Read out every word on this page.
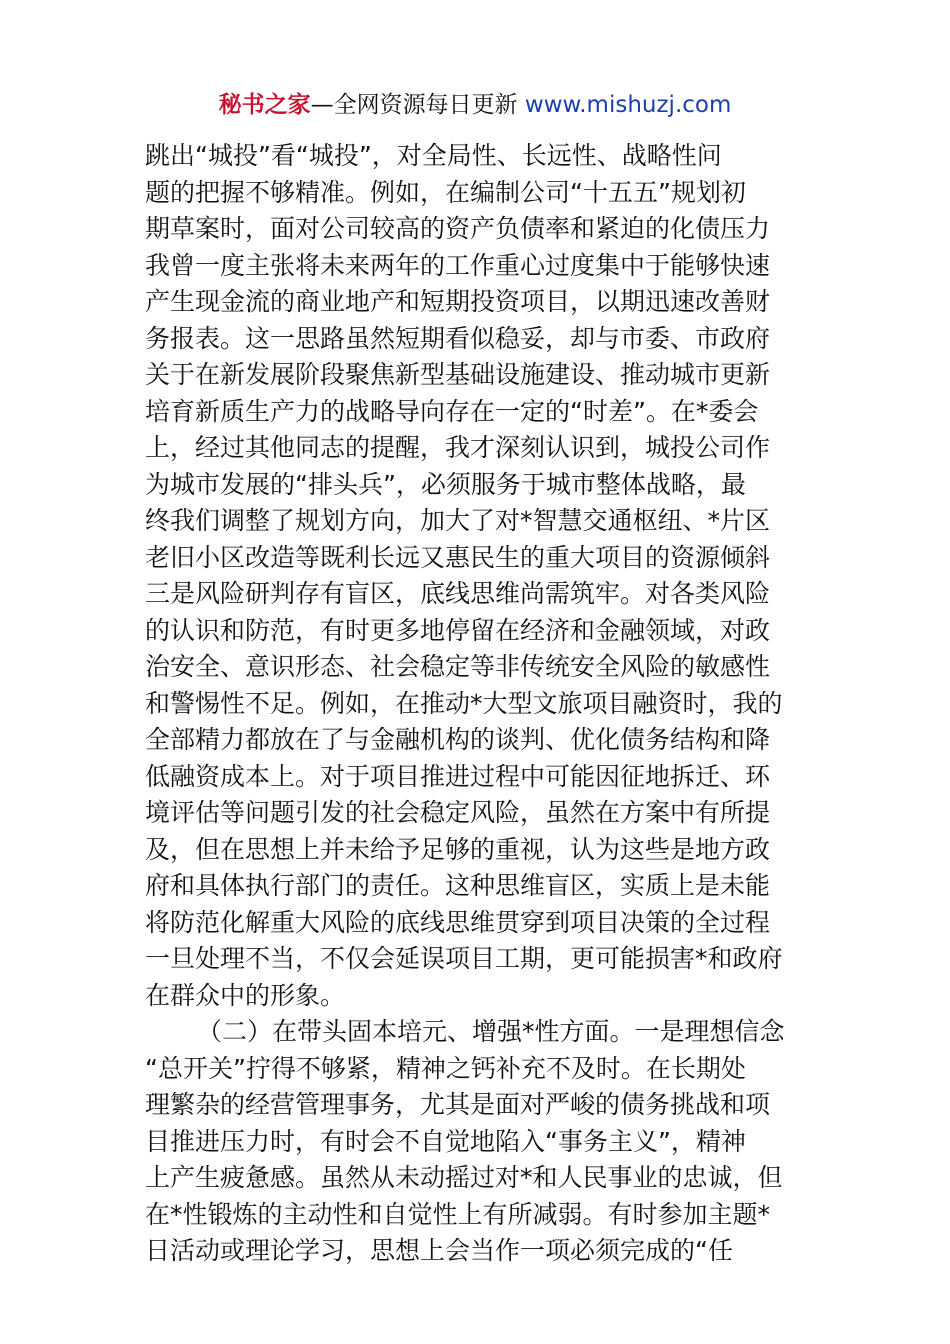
秘书之家—全网资源每日更新 www.mishuzj.com
跳出“城投”看“城投”，对全局性、长远性、战略性问
题的把握不够精准。例如，在编制公司“十五五”规划初
期草案时，面对公司较高的资产负债率和紧迫的化债压力
我曾一度主张将未来两年的工作重心过度集中于能够快速
产生现金流的商业地产和短期投资项目，以期迅速改善财
务报表。这一思路虽然短期看似稳妥，却与市委、市政府
关于在新发展阶段聚焦新型基础设施建设、推动城市更新
培育新质生产力的战略导向存在一定的“时差”。在*委会
上，经过其他同志的提醒，我才深刻认识到，城投公司作
为城市发展的“排头兵”，必须服务于城市整体战略，最
终我们调整了规划方向，加大了对*智慧交通枢纽、*片区
老旧小区改造等既利长远又惠民生的重大项目的资源倾斜
三是风险研判存有盲区，底线思维尚需筑牢。对各类风险
的认识和防范，有时更多地停留在经济和金融领域，对政
治安全、意识形态、社会稳定等非传统安全风险的敏感性
和警惕性不足。例如，在推动*大型文旅项目融资时，我的
全部精力都放在了与金融机构的谈判、优化债务结构和降
低融资成本上。对于项目推进过程中可能因征地拆迁、环
境评估等问题引发的社会稳定风险，虽然在方案中有所提
及，但在思想上并未给予足够的重视，认为这些是地方政
府和具体执行部门的责任。这种思维盲区，实质上是未能
将防范化解重大风险的底线思维贯穿到项目决策的全过程
一旦处理不当，不仅会延误项目工期，更可能损害*和政府
在群众中的形象。
（二）在带头固本培元、增强*性方面。一是理想信念
“总开关”拧得不够紧，精神之钙补充不及时。在长期处
理繁杂的经营管理事务，尤其是面对严峻的债务挑战和项
目推进压力时，有时会不自觉地陷入“事务主义”，精神
上产生疲惫感。虽然从未动摇过对*和人民事业的忠诚，但
在*性锻炼的主动性和自觉性上有所减弱。有时参加主题*
日活动或理论学习，思想上会当作一项必须完成的“任
